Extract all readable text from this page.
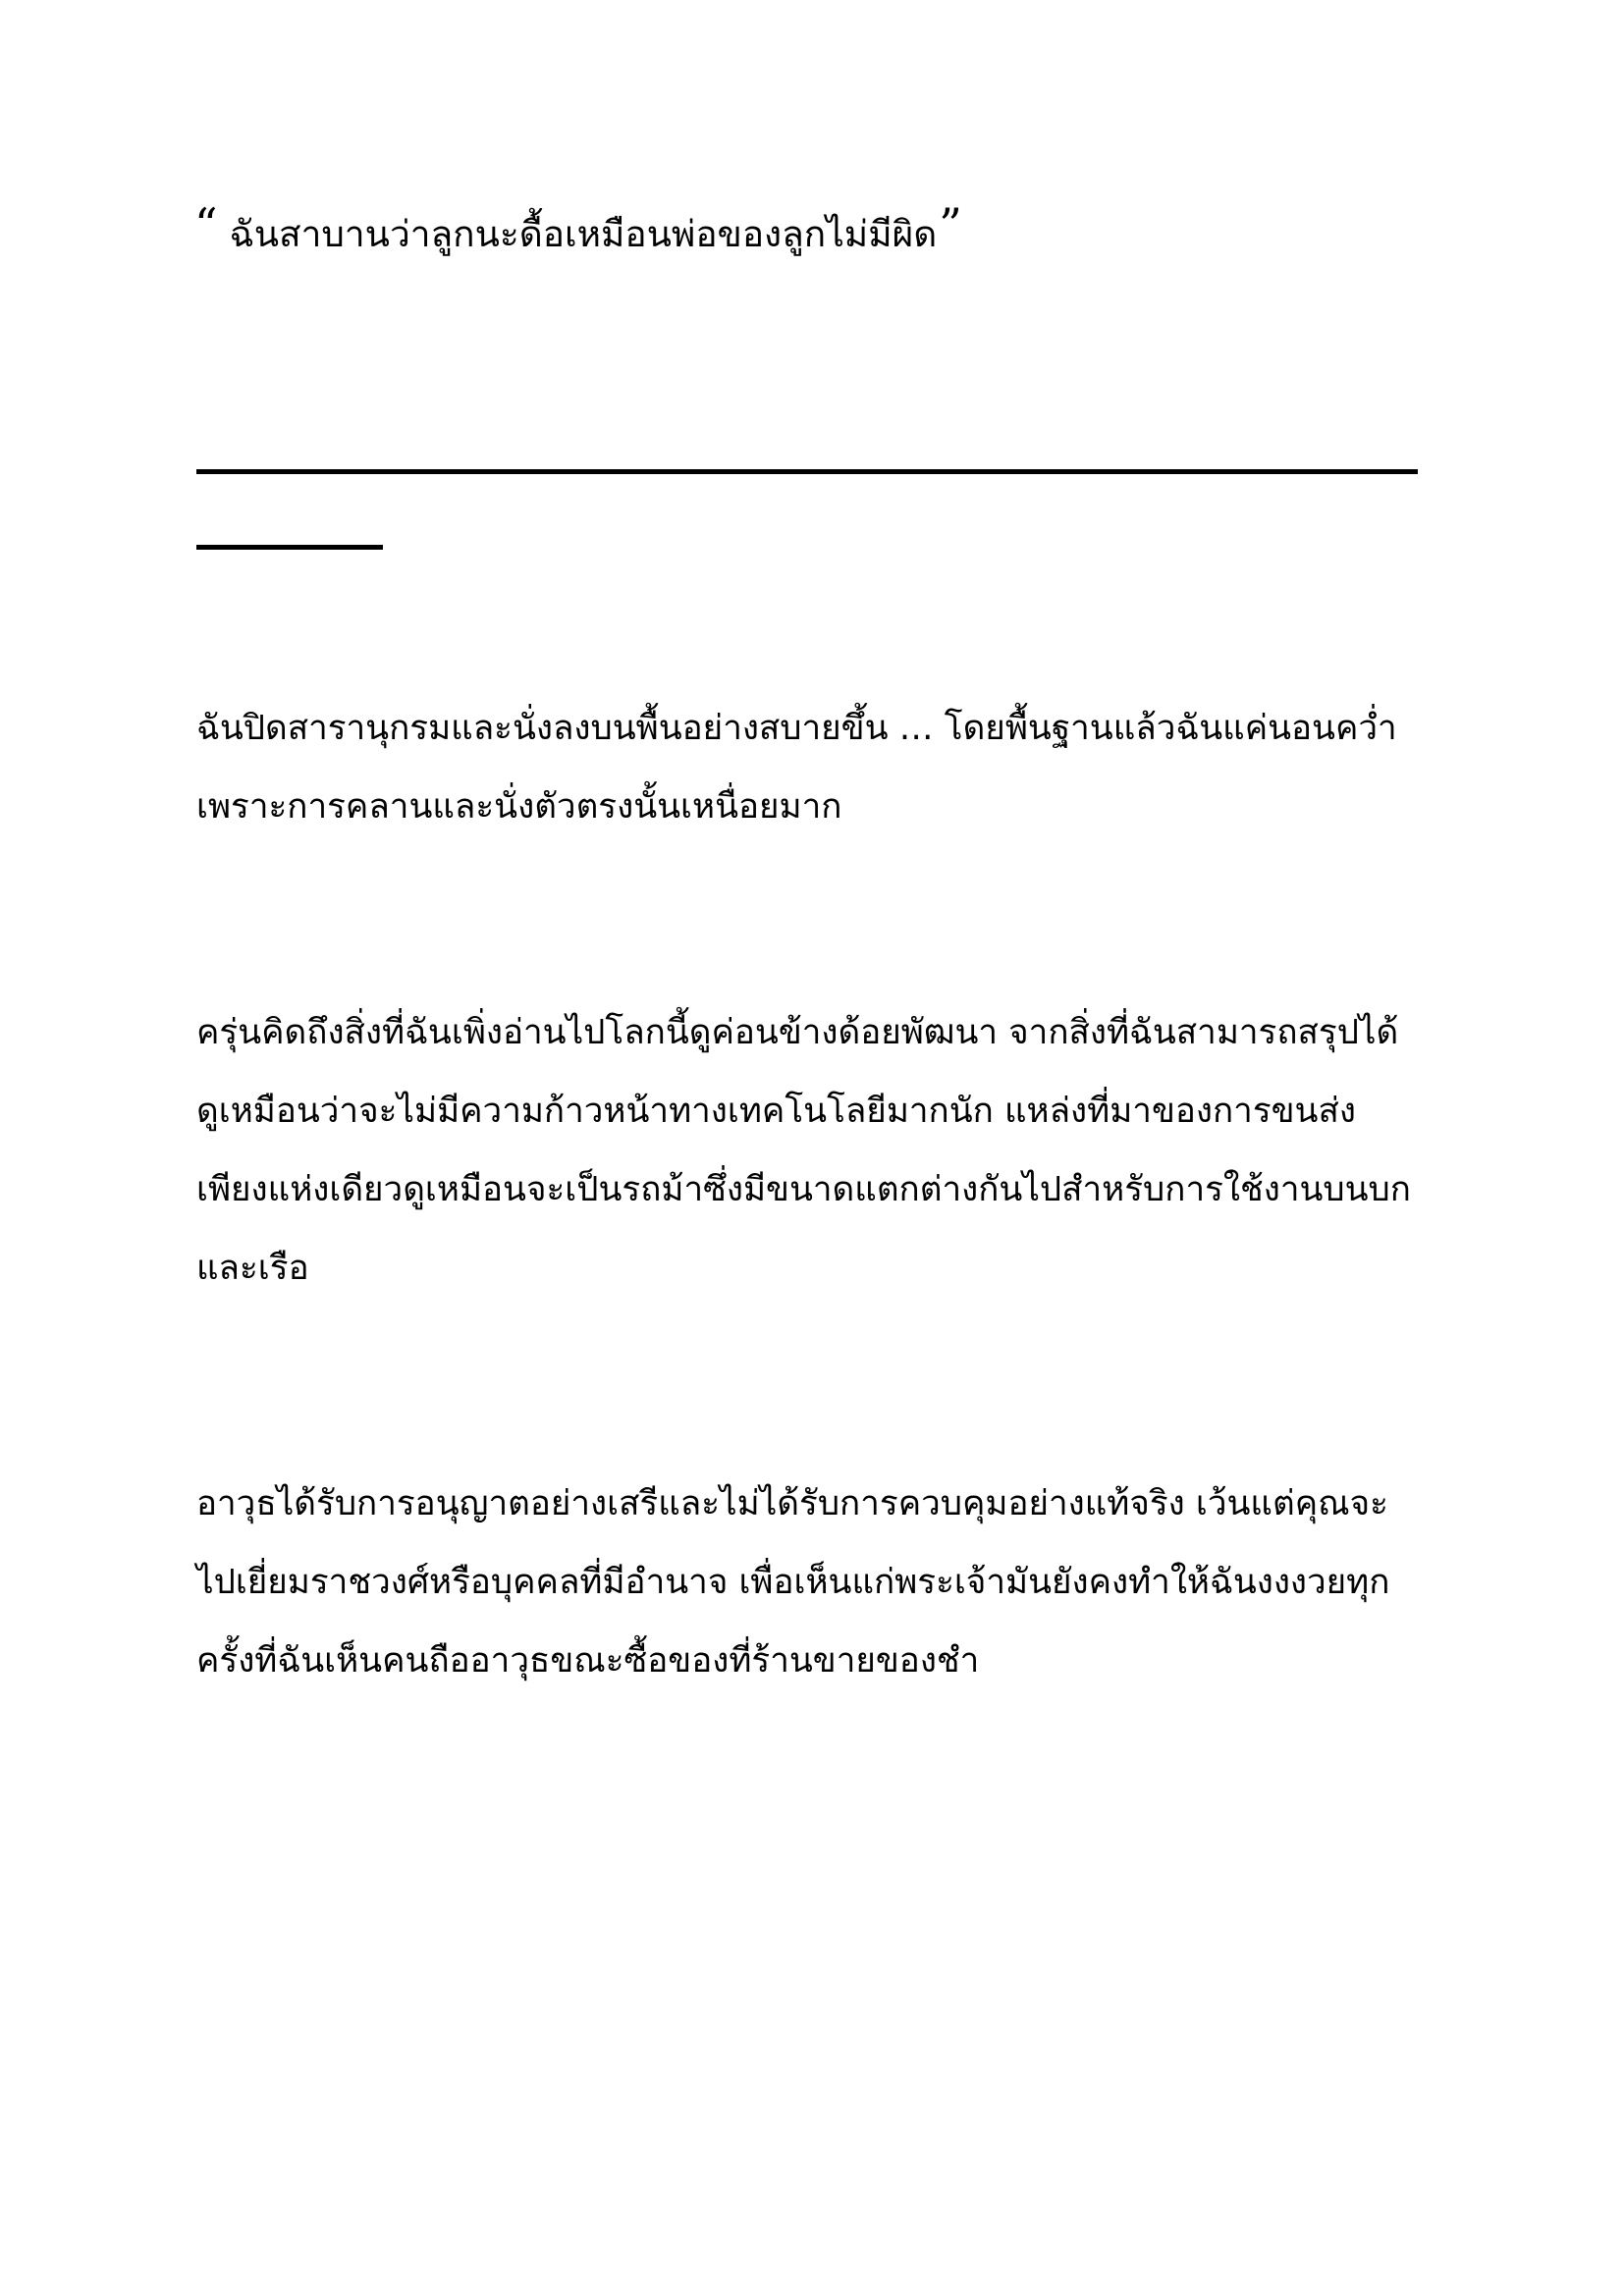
“ ฉันสาบานว่าลูกนะดื้อเหมือนพ่อของลูกไม่มีผิด”

ฉันปิดสารานุกรมและนั่งลงบนพื้นอย่างสบายขึ้น … โดยพื้นฐานแล้วฉันแค่นอนคว่ำ
เพราะการคลานและนั่งตัวตรงนั้นเหนื่อยมาก

ครุ่นคิดถึงสิ่งที่ฉันเพิ่งอ่านไปโลกนี้ดูค่อนข้างด้อยพัฒนา จากสิ่งที่ฉันสามารถสรุปได้
ดูเหมือนว่าจะไม่มีความก้าวหน้าทางเทคโนโลยีมากนัก แหล่งที่มาของการขนส่ง
เพียงแห่งเดียวดูเหมือนจะเป็นรถม้าซึ่งมีขนาดแตกต่างกันไปสำหรับการใช้งานบนบก
และเรือ

อาวุธได้รับการอนุญาตอย่างเสรีและไม่ได้รับการควบคุมอย่างแท้จริง เว้นแต่คุณจะ
ไปเยี่ยมราชวงศ์หรือบุคคลที่มีอำนาจ เพื่อเห็นแก่พระเจ้ามันยังคงทำให้ฉันงงงวยทุก
ครั้งที่ฉันเห็นคนถืออาวุธขณะซื้อของที่ร้านขายของชำ
